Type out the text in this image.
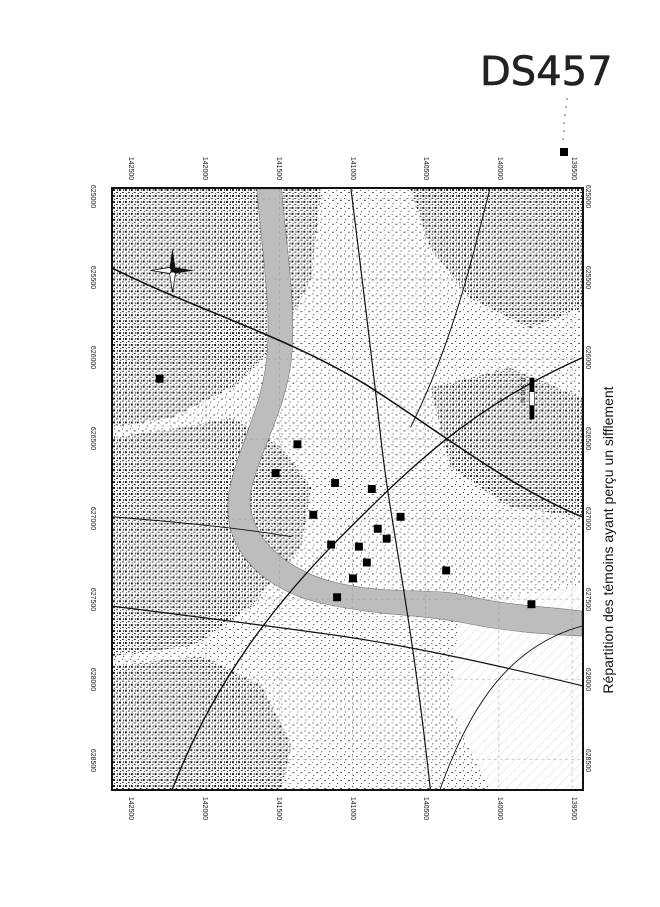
DS457
625000	625000
625500	625500
626000	626000
626500	626500
627000	627000
627500	627500
628000	628000
628500	628500
142500
142500
142000
142000
141500
141500
141000
141000
140500
140500
140000
140000
139500
139500
0 300 m	Répartition des témoins ayant perçu un sifflement
